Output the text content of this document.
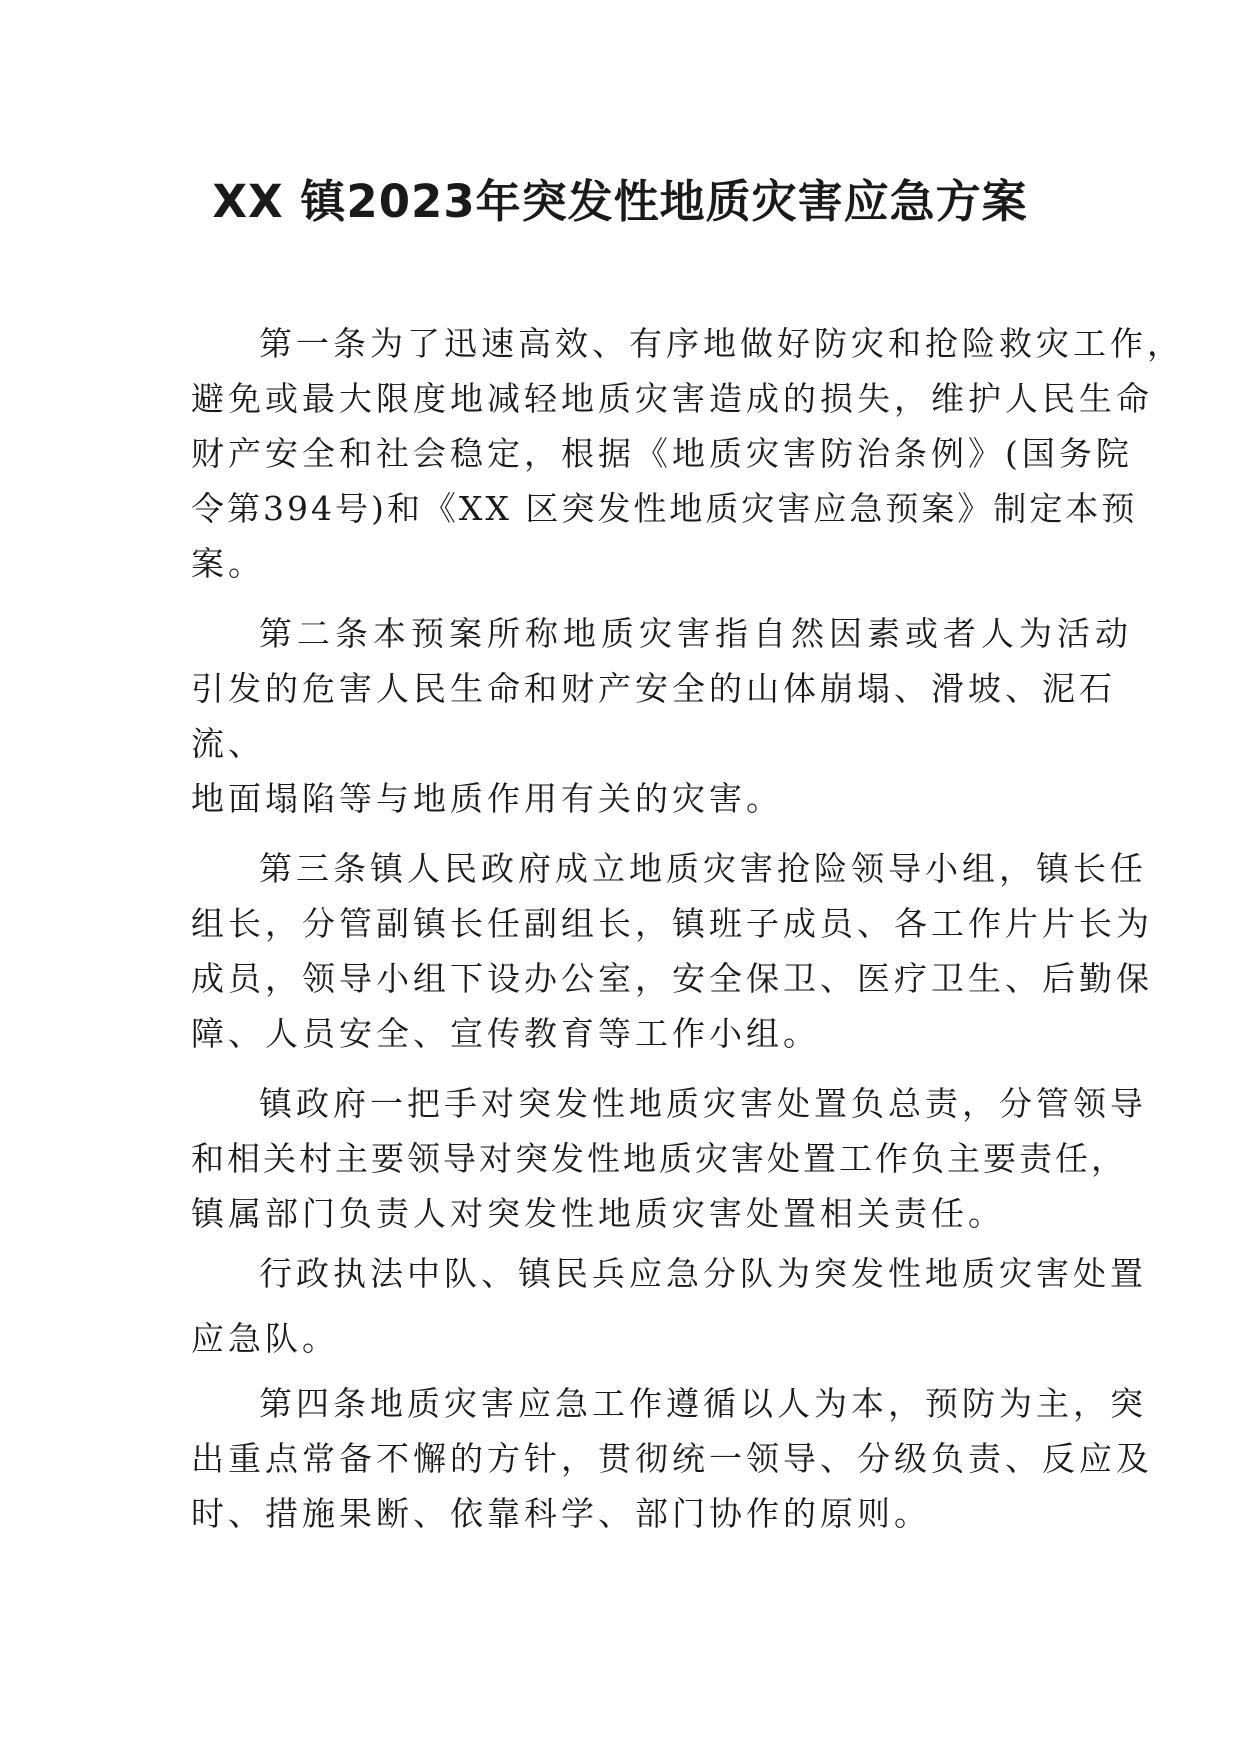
XX 镇2023年突发性地质灾害应急方案

第一条为了迅速高效、有序地做好防灾和抢险救灾工作，

避免或最大限度地减轻地质灾害造成的损失，维护人民生命

财产安全和社会稳定，根据《地质灾害防治条例》(国务院

令第394号)和《XX 区突发性地质灾害应急预案》制定本预

案。

第二条本预案所称地质灾害指自然因素或者人为活动

引发的危害人民生命和财产安全的山体崩塌、滑坡、泥石

流、

地面塌陷等与地质作用有关的灾害。

第三条镇人民政府成立地质灾害抢险领导小组，镇长任

组长，分管副镇长任副组长，镇班子成员、各工作片片长为

成员，领导小组下设办公室，安全保卫、医疗卫生、后勤保

障、人员安全、宣传教育等工作小组。

镇政府一把手对突发性地质灾害处置负总责，分管领导

和相关村主要领导对突发性地质灾害处置工作负主要责任，

镇属部门负责人对突发性地质灾害处置相关责任。

行政执法中队、镇民兵应急分队为突发性地质灾害处置

应急队。

第四条地质灾害应急工作遵循以人为本，预防为主，突

出重点常备不懈的方针，贯彻统一领导、分级负责、反应及

时、措施果断、依靠科学、部门协作的原则。
